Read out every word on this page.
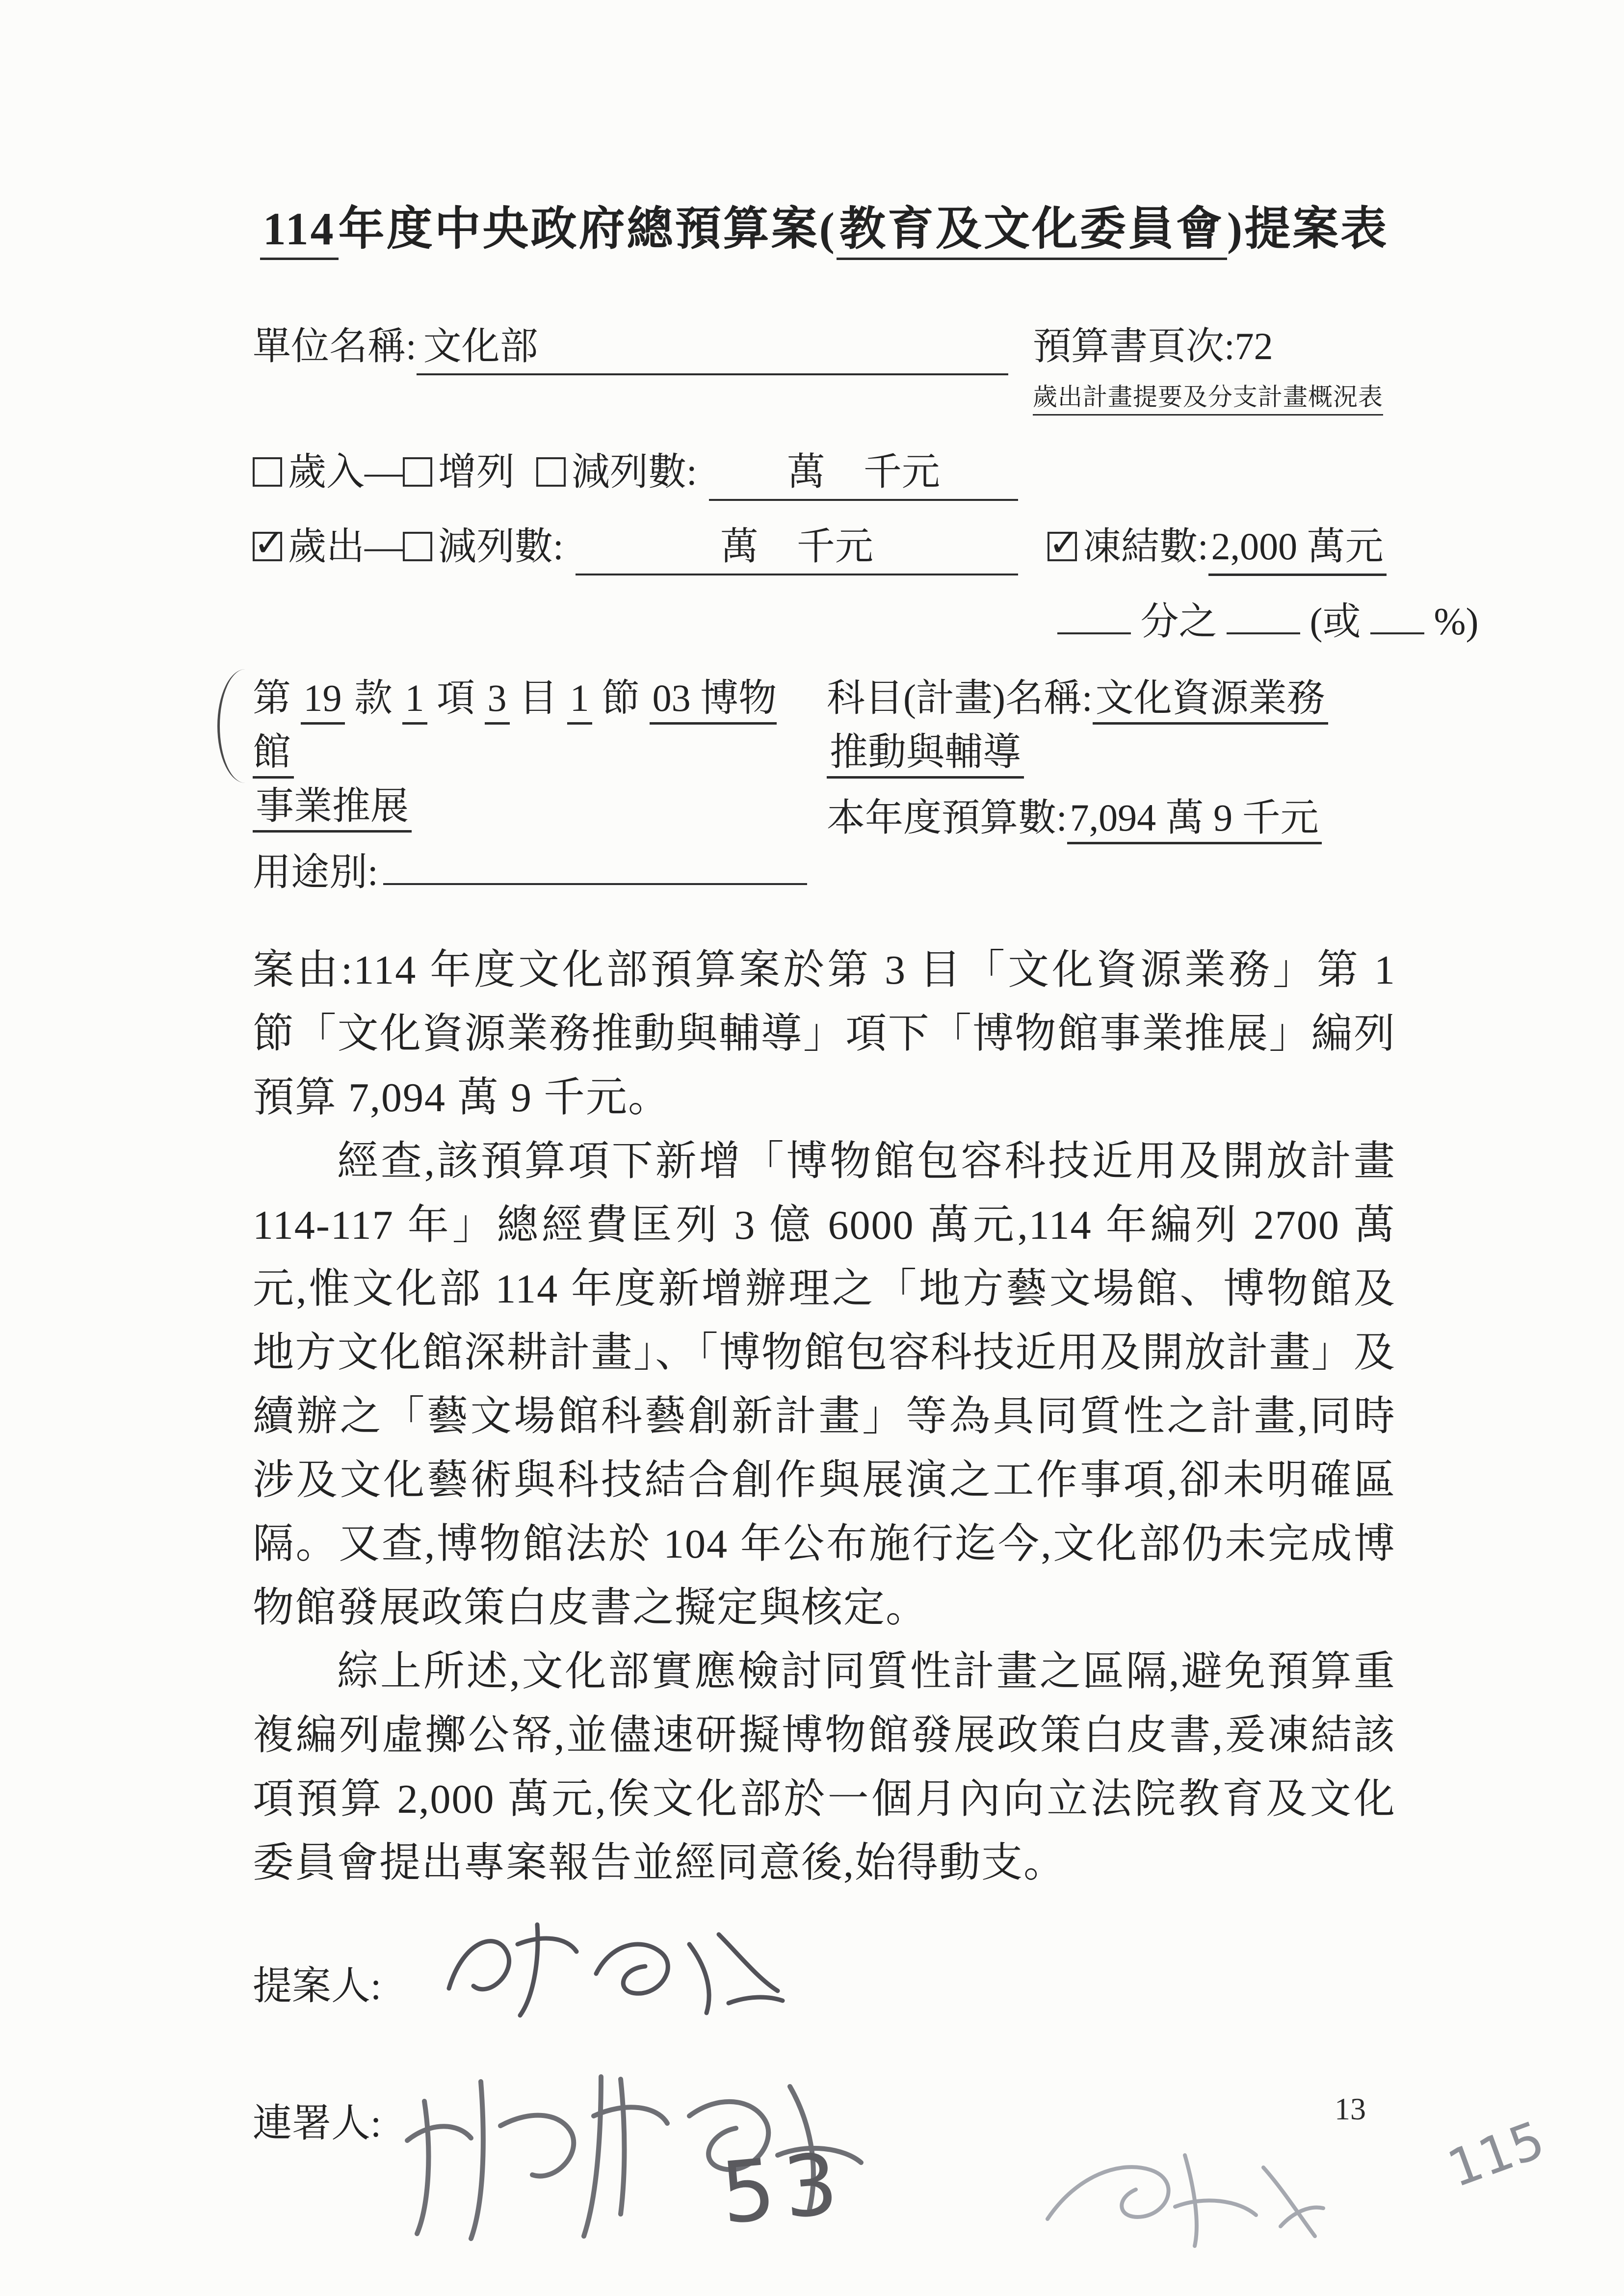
114年度中央政府總預算案(教育及文化委員會)提案表
單位名稱: 文化部	預算書頁次:72
歲出計畫提要及分支計畫概況表
歲入 — 增列 減列數:	萬　千元
✓ 歲出 — 減列數:	萬　千元	✓ 凍結數: 2,000 萬元
分之 (或 %)
第 19 款 1 項 3 目 1 節 03 博物館
事業推展
用途別:
科目(計畫)名稱:文化資源業務
推動與輔導
本年度預算數:7,094 萬 9 千元

案由:114 年度文化部預算案於第 3 目「文化資源業務」第 1 節「文化資源業務推動與輔導」項下「博物館事業推展」編列預算 7,094 萬 9 千元。

經查,該預算項下新增「博物館包容科技近用及開放計畫 114-117 年」總經費匡列 3 億 6000 萬元,114 年編列 2700 萬元,惟文化部 114 年度新增辦理之「地方藝文場館、博物館及地方文化館深耕計畫」、「博物館包容科技近用及開放計畫」及續辦之「藝文場館科藝創新計畫」等為具同質性之計畫,同時涉及文化藝術與科技結合創作與展演之工作事項,卻未明確區隔。又查,博物館法於 104 年公布施行迄今,文化部仍未完成博物館發展政策白皮書之擬定與核定。

綜上所述,文化部實應檢討同質性計畫之區隔,避免預算重複編列虛擲公帑,並儘速研擬博物館發展政策白皮書,爰凍結該項預算 2,000 萬元,俟文化部於一個月內向立法院教育及文化委員會提出專案報告並經同意後,始得動支。

提案人:
連署人:	13
115
53
